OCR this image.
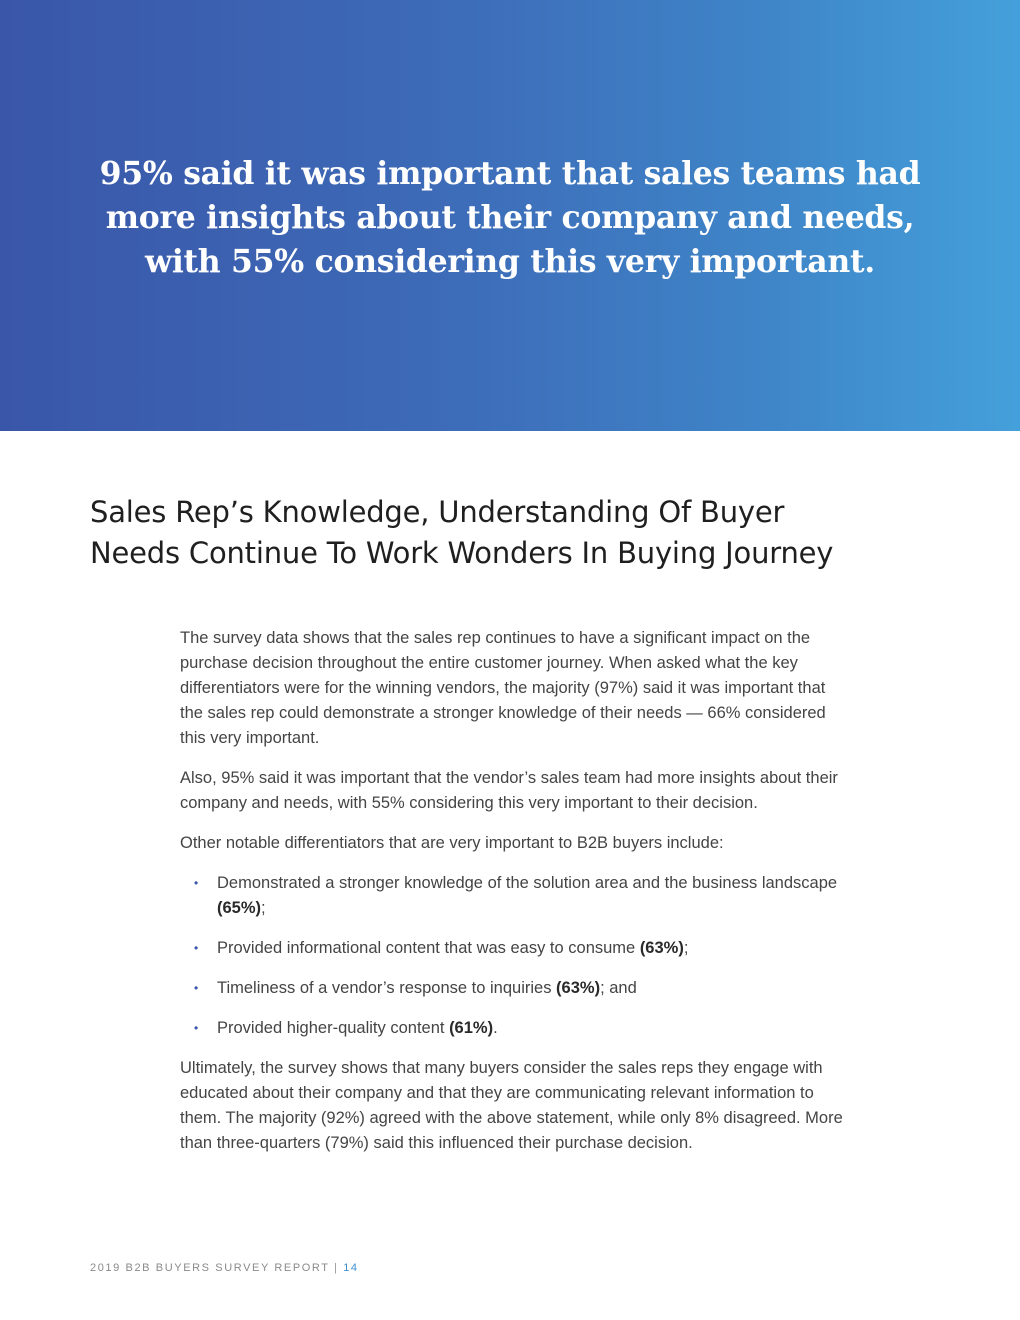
95% said it was important that sales teams had
more insights about their company and needs,
with 55% considering this very important.
Sales Rep’s Knowledge, Understanding Of Buyer
Needs Continue To Work Wonders In Buying Journey

The survey data shows that the sales rep continues to have a significant impact on the purchase decision throughout the entire customer journey. When asked what the key differentiators were for the winning vendors, the majority (97%) said it was important that the sales rep could demonstrate a stronger knowledge of their needs — 66% considered this very important.

Also, 95% said it was important that the vendor’s sales team had more insights about their company and needs, with 55% considering this very important to their decision.

Other notable differentiators that are very important to B2B buyers include:

• Demonstrated a stronger knowledge of the solution area and the business landscape (65%);
• Provided informational content that was easy to consume (63%);
• Timeliness of a vendor’s response to inquiries (63%); and
• Provided higher-quality content (61%).

Ultimately, the survey shows that many buyers consider the sales reps they engage with educated about their company and that they are communicating relevant information to them. The majority (92%) agreed with the above statement, while only 8% disagreed. More than three-quarters (79%) said this influenced their purchase decision.

2019 B2B BUYERS SURVEY REPORT | 14
